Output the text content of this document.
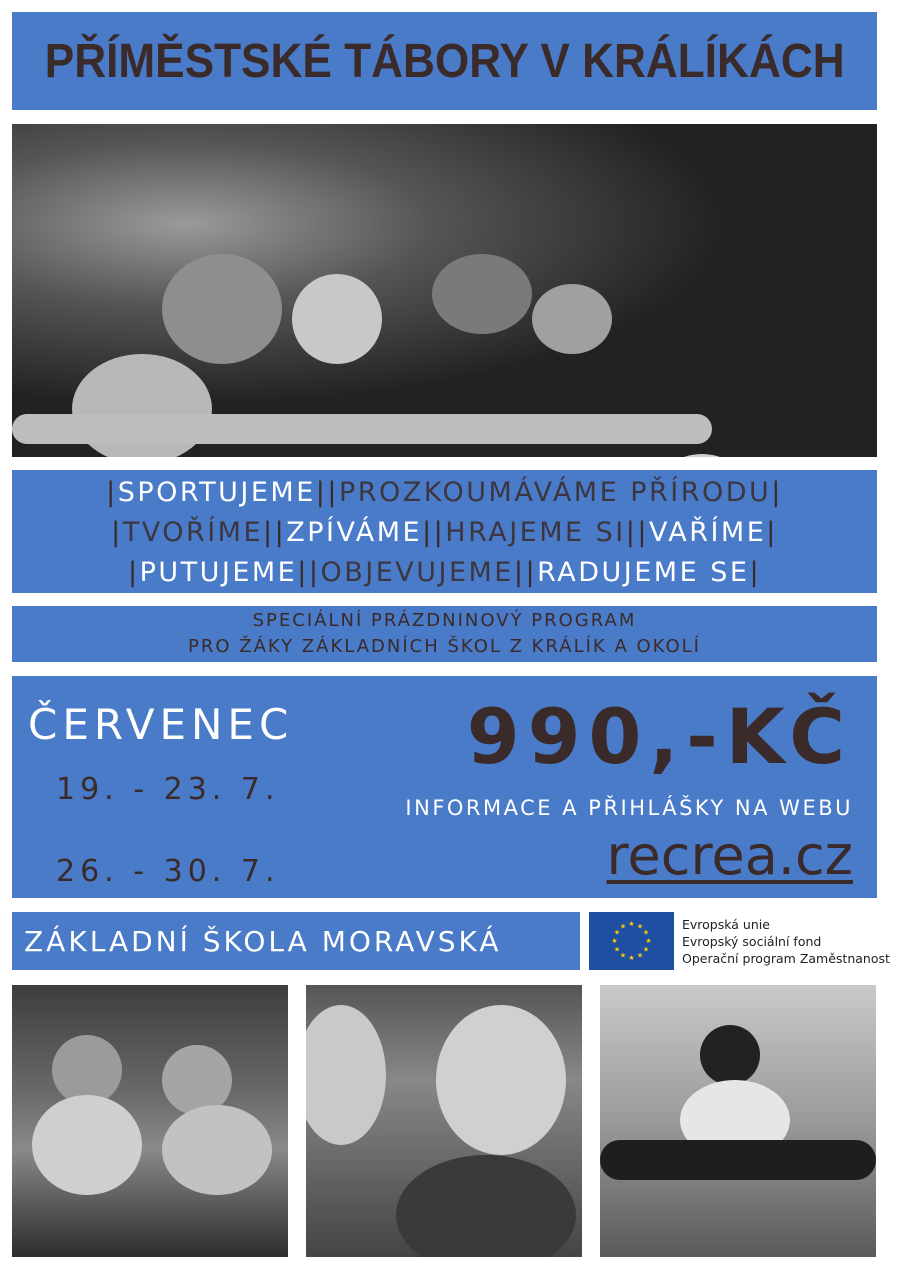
PŘÍMĚSTSKÉ TÁBORY V KRÁLÍKÁCH
| SPORTUJEME || PROZKOUMÁVÁME PŘÍRODU |
| TVOŘÍME || ZPÍVÁME || HRAJEME SI || VAŘÍME |
| PUTUJEME || OBJEVUJEME || RADUJEME SE |
SPECIÁLNÍ PRÁZDNINOVÝ PROGRAM
PRO ŽÁKY ZÁKLADNÍCH ŠKOL Z KRÁLÍK A OKOLÍ
ČERVENEC
19. - 23. 7.
26. - 30. 7.
990,-KČ
INFORMACE A PŘIHLÁŠKY NA WEBU
recrea.cz
ZÁKLADNÍ ŠKOLA MORAVSKÁ
★ ★
★
★
★
★
★
★
★
★
★
★	Evropská unie
Evropský sociální fond
Operační program Zaměstnanost
